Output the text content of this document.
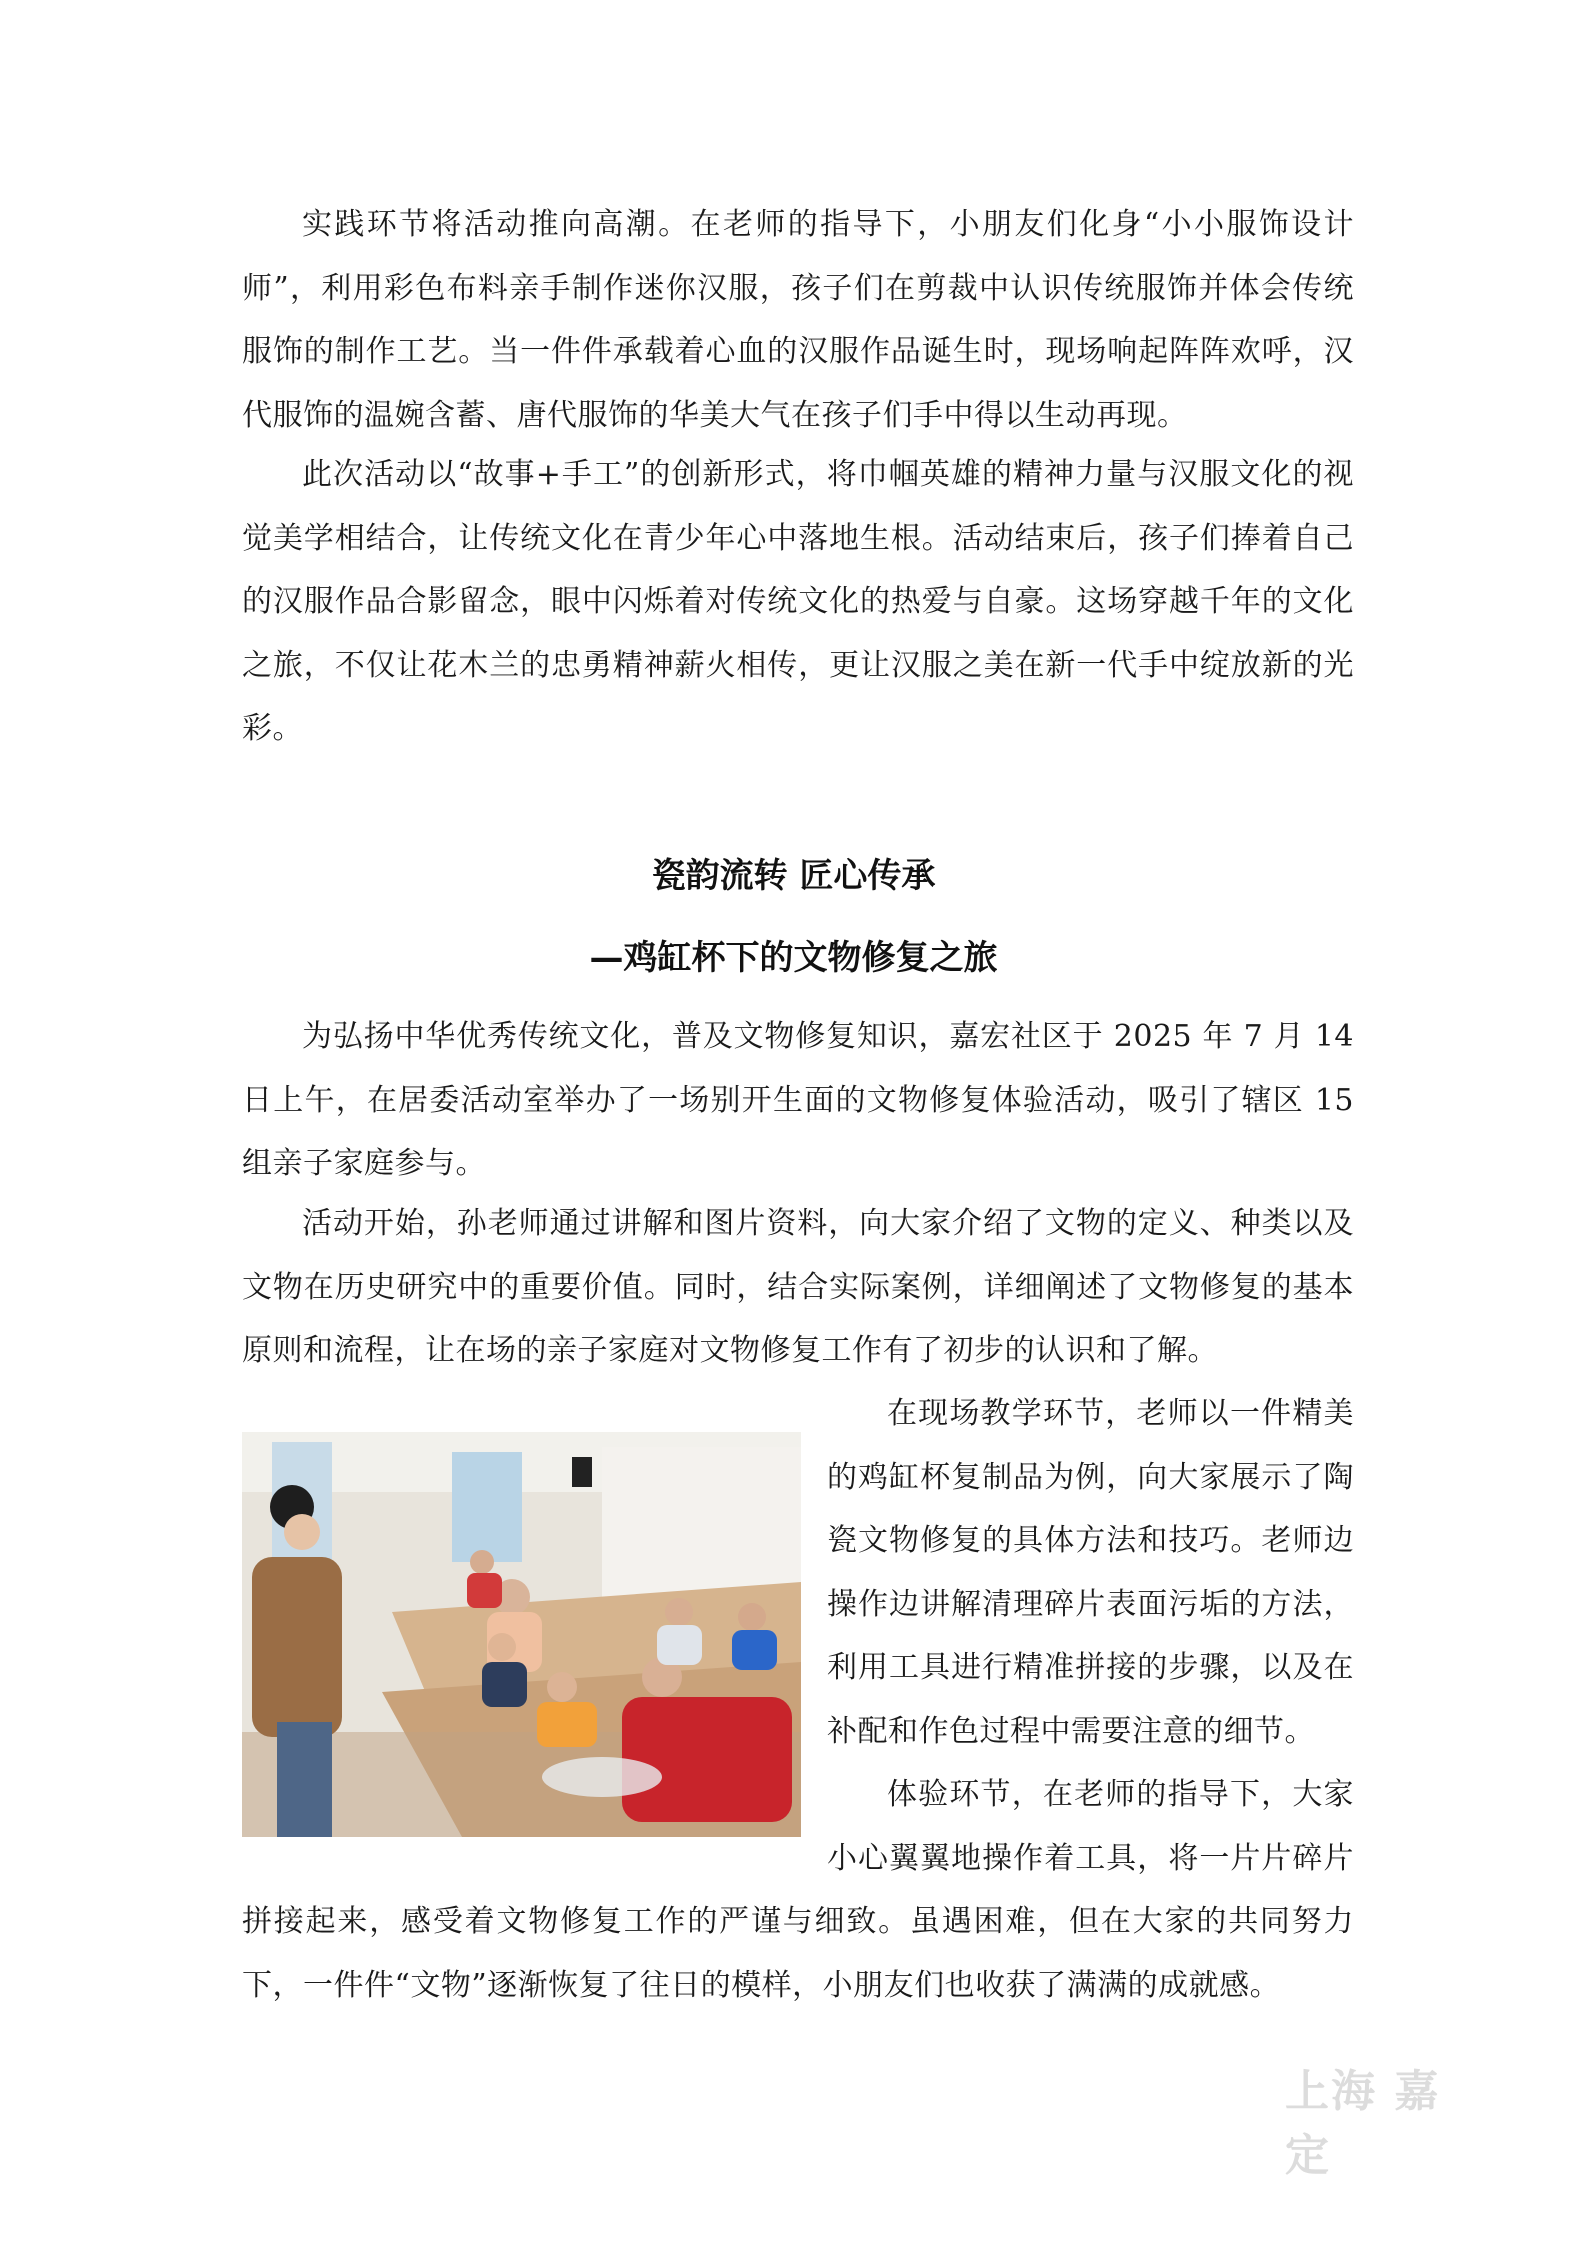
实践环节将活动推向高潮。在老师的指导下，小朋友们化身“小小服饰设计师”，利用彩色布料亲手制作迷你汉服，孩子们在剪裁中认识传统服饰并体会传统服饰的制作工艺。当一件件承载着心血的汉服作品诞生时，现场响起阵阵欢呼，汉代服饰的温婉含蓄、唐代服饰的华美大气在孩子们手中得以生动再现。

此次活动以“故事+手工”的创新形式，将巾帼英雄的精神力量与汉服文化的视觉美学相结合，让传统文化在青少年心中落地生根。活动结束后，孩子们捧着自己的汉服作品合影留念，眼中闪烁着对传统文化的热爱与自豪。这场穿越千年的文化之旅，不仅让花木兰的忠勇精神薪火相传，更让汉服之美在新一代手中绽放新的光彩。

瓷韵流转 匠心传承
—鸡缸杯下的文物修复之旅

为弘扬中华优秀传统文化，普及文物修复知识，嘉宏社区于 2025 年 7 月 14 日上午，在居委活动室举办了一场别开生面的文物修复体验活动，吸引了辖区 15 组亲子家庭参与。

活动开始，孙老师通过讲解和图片资料，向大家介绍了文物的定义、种类以及文物在历史研究中的重要价值。同时，结合实际案例，详细阐述了文物修复的基本原则和流程，让在场的亲子家庭对文物修复工作有了初步的认识和了解。

在现场教学环节，老师以一件精美的鸡缸杯复制品为例，向大家展示了陶瓷文物修复的具体方法和技巧。老师边操作边讲解清理碎片表面污垢的方法，利用工具进行精准拼接的步骤，以及在补配和作色过程中需要注意的细节。

体验环节，在老师的指导下，大家小心翼翼地操作着工具，将一片片碎片拼接起来，感受着文物修复工作的严谨与细致。虽遇困难，但在大家的共同努力下，一件件“文物”逐渐恢复了往日的模样，小朋友们也收获了满满的成就感。

上海 嘉定
